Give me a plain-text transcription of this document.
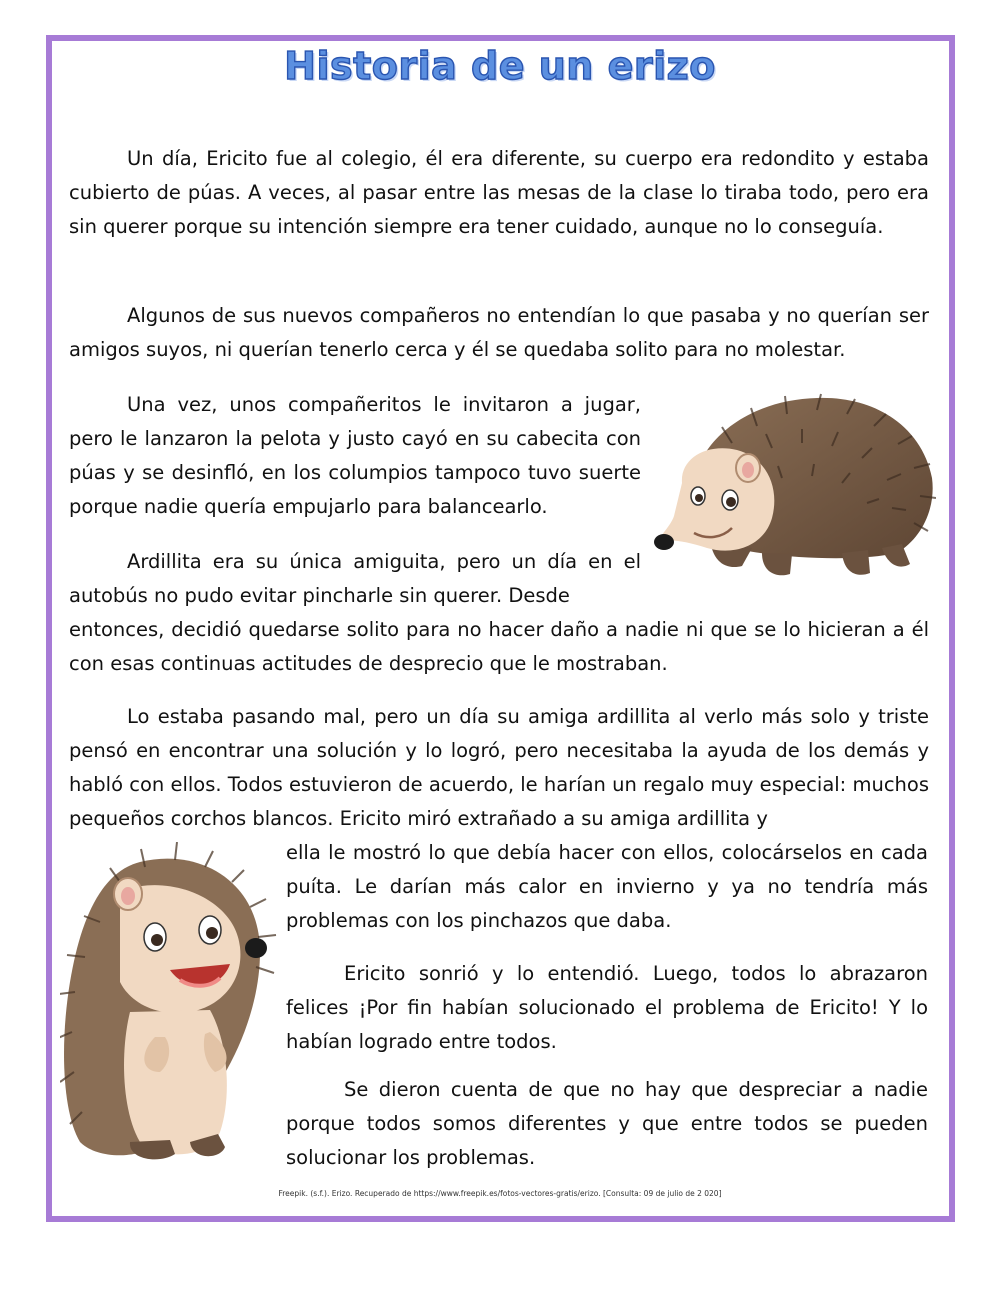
Historia de un erizo

Un día, Ericito fue al colegio, él era diferente, su cuerpo era redondito y estaba cubierto de púas. A veces, al pasar entre las mesas de la clase lo tiraba todo, pero era sin querer porque su intención siempre era tener cuidado, aunque no lo conseguía.

Algunos de sus nuevos compañeros no entendían lo que pasaba y no querían ser amigos suyos, ni querían tenerlo cerca y él se quedaba solito para no molestar.

Una vez, unos compañeritos le invitaron a jugar, pero le lanzaron la pelota y justo cayó en su cabecita con púas y se desinfló, en los columpios tampoco tuvo suerte porque nadie quería empujarlo para balancearlo.

Ardillita era su única amiguita, pero un día en el autobús no pudo evitar pincharle sin querer. Desde

entonces, decidió quedarse solito para no hacer daño a nadie ni que se lo hicieran a él con esas continuas actitudes de desprecio que le mostraban.

Lo estaba pasando mal, pero un día su amiga ardillita al verlo más solo y triste pensó en encontrar una solución y lo logró, pero necesitaba la ayuda de los demás y habló con ellos. Todos estuvieron de acuerdo, le harían un regalo muy especial: muchos pequeños corchos blancos. Ericito miró extrañado a su amiga ardillita y

ella le mostró lo que debía hacer con ellos, colocárselos en cada puíta. Le darían más calor en invierno y ya no tendría más problemas con los pinchazos que daba.

Ericito sonrió y lo entendió. Luego, todos lo abrazaron felices ¡Por fin habían solucionado el problema de Ericito! Y lo habían logrado entre todos.

Se dieron cuenta de que no hay que despreciar a nadie porque todos somos diferentes y que entre todos se pueden solucionar los problemas.

Freepik. (s.f.). Erizo. Recuperado de https://www.freepik.es/fotos-vectores-gratis/erizo. [Consulta: 09 de julio de 2 020]
